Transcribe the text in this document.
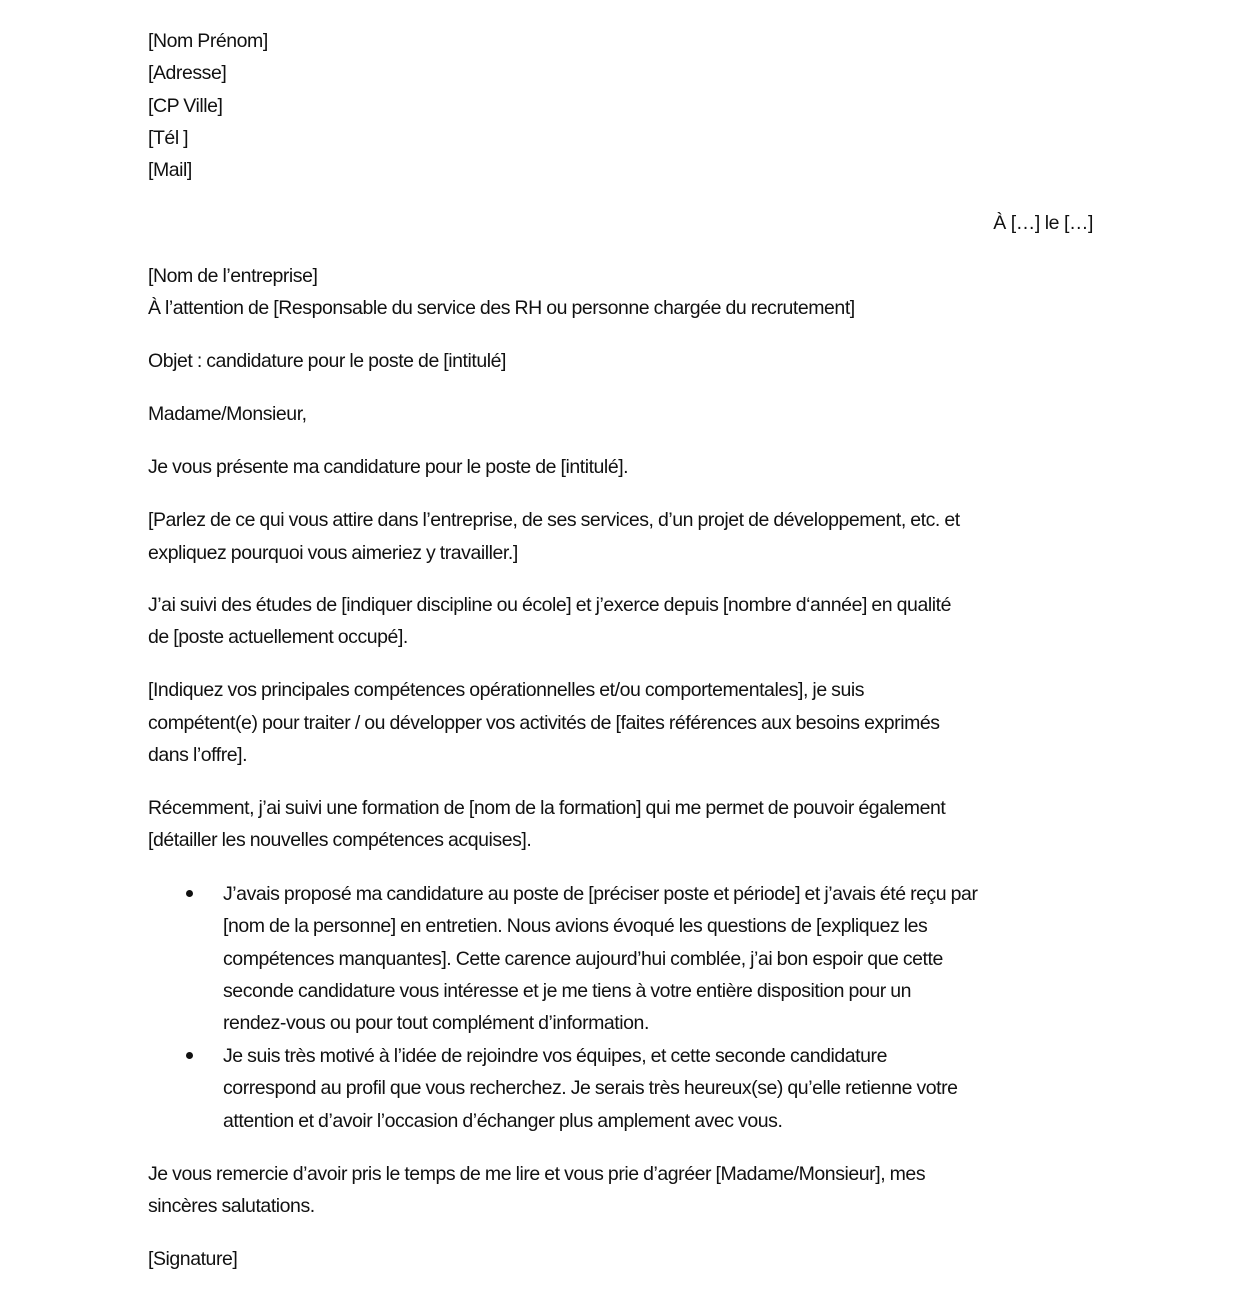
[Nom Prénom]
[Adresse]
[CP Ville]
[Tél ]
[Mail]
À […] le […]
[Nom de l’entreprise]
À l’attention de [Responsable du service des RH ou personne chargée du recrutement]
Objet : candidature pour le poste de [intitulé]
Madame/Monsieur,
Je vous présente ma candidature pour le poste de [intitulé].
[Parlez de ce qui vous attire dans l’entreprise, de ses services, d’un projet de développement, etc. et
expliquez pourquoi vous aimeriez y travailler.]
J’ai suivi des études de [indiquer discipline ou école] et j’exerce depuis [nombre d‘année] en qualité
de [poste actuellement occupé].
[Indiquez vos principales compétences opérationnelles et/ou comportementales], je suis
compétent(e) pour traiter / ou développer vos activités de [faites références aux besoins exprimés
dans l’offre].
Récemment, j’ai suivi une formation de [nom de la formation] qui me permet de pouvoir également
[détailler les nouvelles compétences acquises].
J’avais proposé ma candidature au poste de [préciser poste et période] et j’avais été reçu par
[nom de la personne] en entretien. Nous avions évoqué les questions de [expliquez les
compétences manquantes]. Cette carence aujourd’hui comblée, j’ai bon espoir que cette
seconde candidature vous intéresse et je me tiens à votre entière disposition pour un
rendez-vous ou pour tout complément d’information.
Je suis très motivé à l’idée de rejoindre vos équipes, et cette seconde candidature
correspond au profil que vous recherchez. Je serais très heureux(se) qu’elle retienne votre
attention et d’avoir l’occasion d’échanger plus amplement avec vous.
Je vous remercie d’avoir pris le temps de me lire et vous prie d’agréer [Madame/Monsieur], mes
sincères salutations.
[Signature]
